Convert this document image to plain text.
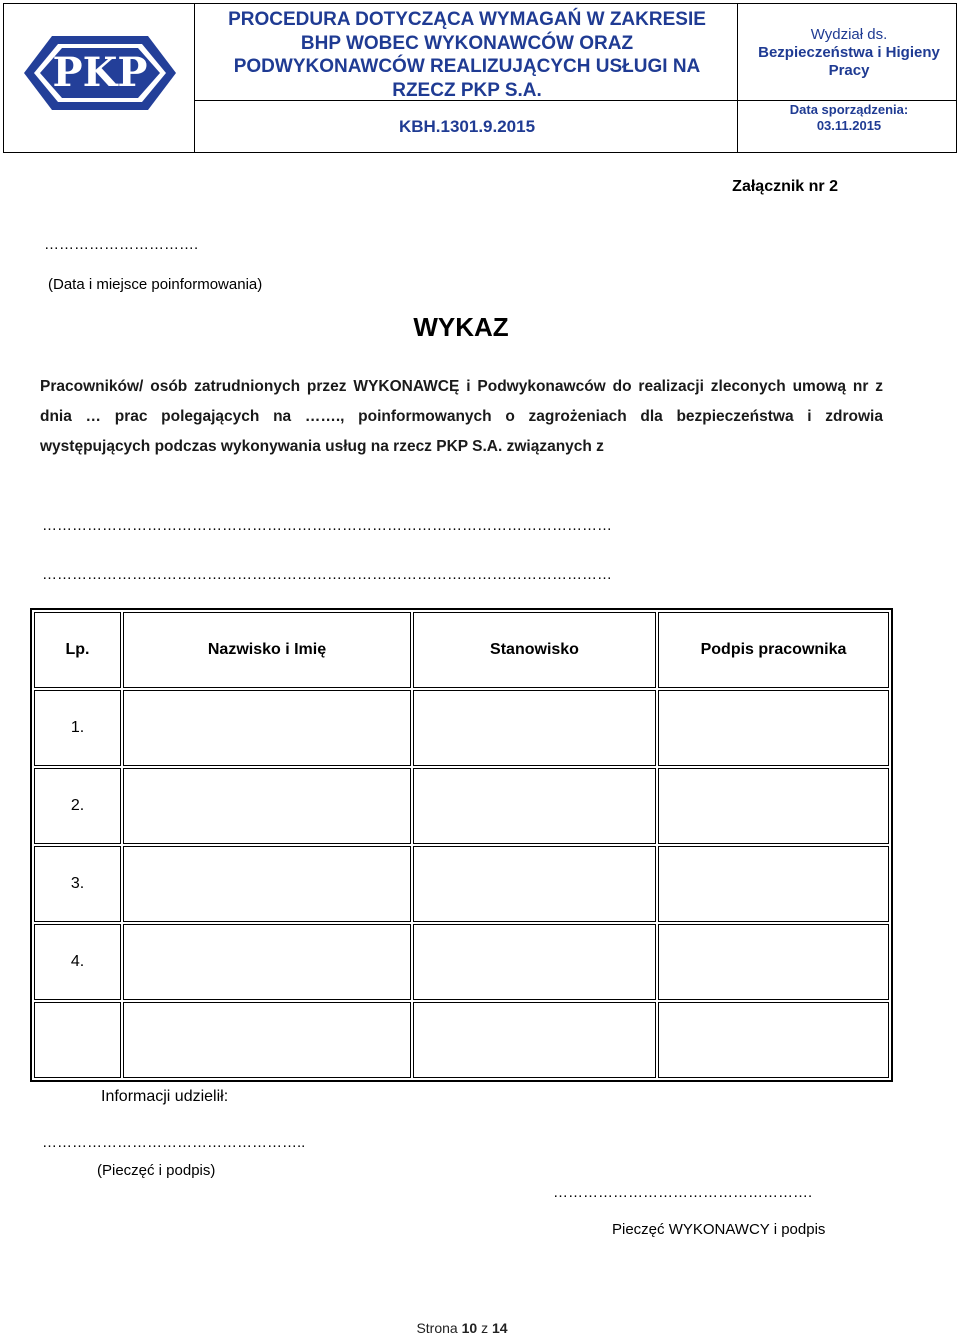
PKP
PROCEDURA DOTYCZĄCA WYMAGAŃ W ZAKRESIE
BHP WOBEC WYKONAWCÓW ORAZ
PODWYKONAWCÓW REALIZUJĄCYCH USŁUGI NA
RZECZ PKP S.A.
KBH.1301.9.2015
Wydział ds.
Bezpieczeństwa i Higieny Pracy
Data sporządzenia:
03.11.2015
Załącznik nr 2
………………………….
(Data i miejsce poinformowania)
WYKAZ
Pracowników/ osób zatrudnionych przez WYKONAWCĘ i Podwykonawców do realizacji zleconych umową nr z dnia … prac polegających na ……., poinformowanych o zagrożeniach dla bezpieczeństwa i zdrowia występujących podczas wykonywania usług na rzecz PKP S.A. związanych z
……………………………………………………………………………………………………
……………………………………………………………………………………………………
Lp.	Nazwisko i Imię	Stanowisko	Podpis pracownika
1.			
2.			
3.			
4.			

Informacji udzielił:
……………………………………………..
(Pieczęć i podpis)
…………………………………………….
Pieczęć WYKONAWCY i podpis
Strona 10 z 14
